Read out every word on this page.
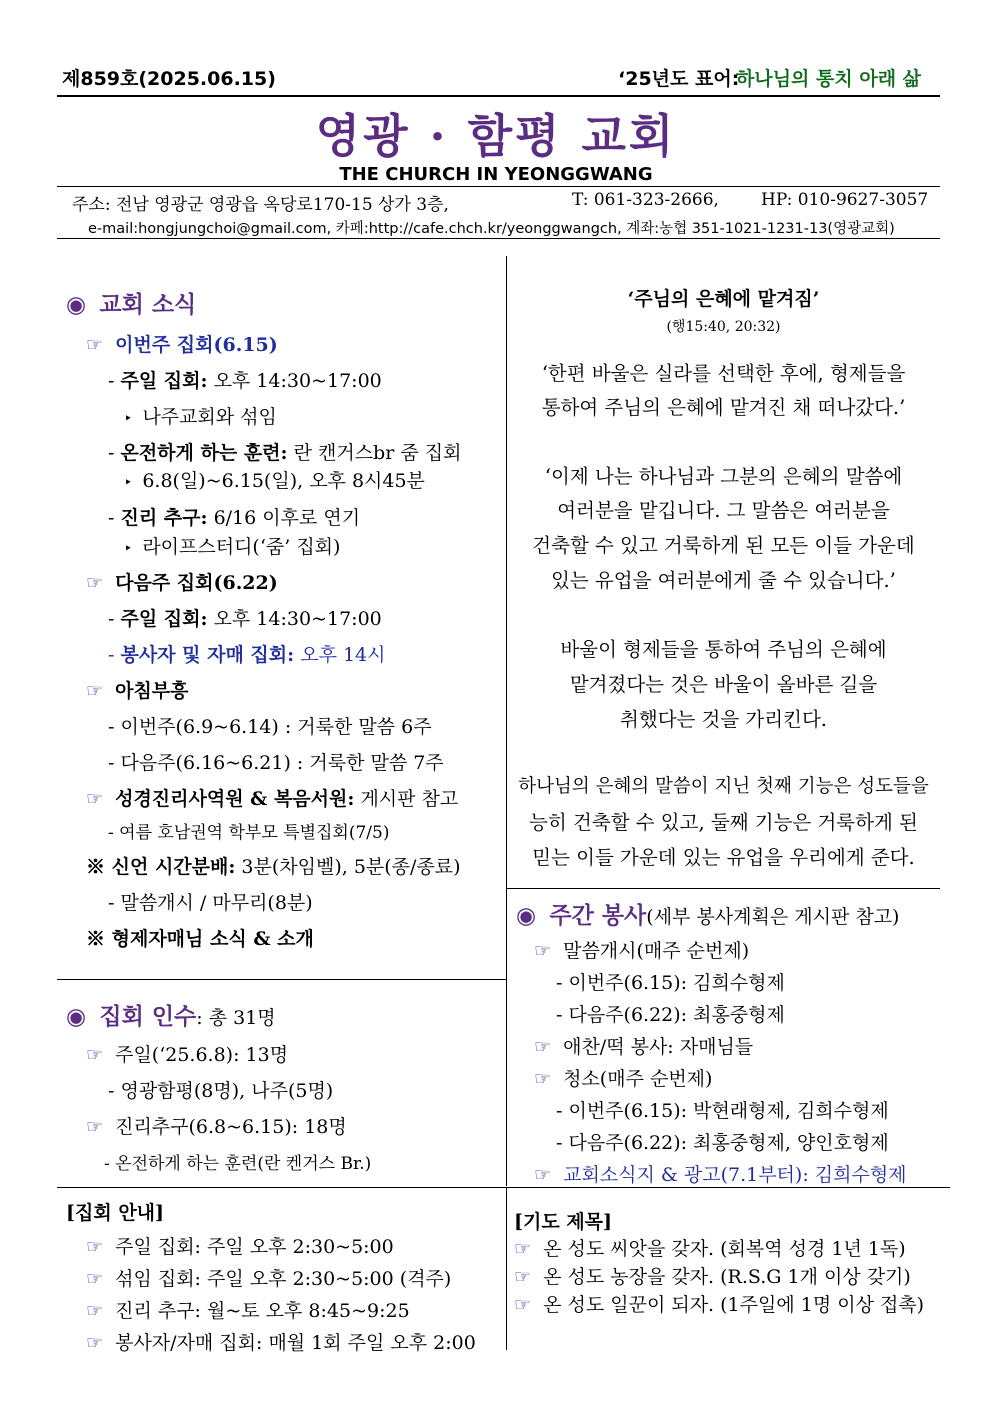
제859호(2025.06.15)	‘25년도 표어:
하나님의 통치 아래 삶
영광 · 함평 교회
THE CHURCH IN YEONGGWANG
주소: 전남 영광군 영광읍 옥당로170-15 상가 3층,	T: 061-323-2666, HP: 010-9627-3057
e-mail:hongjungchoi@gmail.com, 카페:http://cafe.chch.kr/yeonggwangch, 계좌:농협 351-1021-1231-13(영광교회)
◉ 교회 소식
☞ 이번주 집회(6.15)
- 주일 집회: 오후 14:30~17:00
‣ 나주교회와 섞임
- 온전하게 하는 훈련: 란 캔거스br 줌 집회
‣ 6.8(일)~6.15(일), 오후 8시45분
- 진리 추구: 6/16 이후로 연기
‣ 라이프스터디(‘줌’ 집회)
☞ 다음주 집회(6.22)
- 주일 집회: 오후 14:30~17:00
- 봉사자 및 자매 집회: 오후 14시
☞ 아침부흥
- 이번주(6.9~6.14) : 거룩한 말씀 6주
- 다음주(6.16~6.21) : 거룩한 말씀 7주
☞ 성경진리사역원 & 복음서원: 게시판 참고
- 여름 호남권역 학부모 특별집회(7/5)
※ 신언 시간분배: 3분(차임벨), 5분(종/종료)
- 말씀개시 / 마무리(8분)
※ 형제자매님 소식 & 소개
◉ 집회 인수: 총 31명
☞ 주일(‘25.6.8): 13명
- 영광함평(8명), 나주(5명)
☞ 진리추구(6.8~6.15): 18명
- 온전하게 하는 훈련(란 켄거스 Br.)
[집회 안내]
☞ 주일 집회: 주일 오후 2:30~5:00
☞ 섞임 집회: 주일 오후 2:30~5:00 (격주)
☞ 진리 추구: 월~토 오후 8:45~9:25
☞ 봉사자/자매 집회: 매월 1회 주일 오후 2:00
‘주님의 은혜에 맡겨짐’
(행15:40, 20:32)
‘한편 바울은 실라를 선택한 후에, 형제들을
통하여 주님의 은혜에 맡겨진 채 떠나갔다.’
‘이제 나는 하나님과 그분의 은혜의 말씀에
여러분을 맡깁니다. 그 말씀은 여러분을
건축할 수 있고 거룩하게 된 모든 이들 가운데
있는 유업을 여러분에게 줄 수 있습니다.’
바울이 형제들을 통하여 주님의 은혜에
맡겨졌다는 것은 바울이 올바른 길을
취했다는 것을 가리킨다.
하나님의 은혜의 말씀이 지닌 첫째 기능은 성도들을
능히 건축할 수 있고, 둘째 기능은 거룩하게 된
믿는 이들 가운데 있는 유업을 우리에게 준다.
◉ 주간 봉사(세부 봉사계획은 게시판 참고)
☞ 말씀개시(매주 순번제)
- 이번주(6.15): 김희수형제
- 다음주(6.22): 최홍중형제
☞ 애찬/떡 봉사: 자매님들
☞ 청소(매주 순번제)
- 이번주(6.15): 박현래형제, 김희수형제
- 다음주(6.22): 최홍중형제, 양인호형제
☞ 교회소식지 & 광고(7.1부터): 김희수형제
[기도 제목]
☞ 온 성도 씨앗을 갖자. (회복역 성경 1년 1독)
☞ 온 성도 농장을 갖자. (R.S.G 1개 이상 갖기)
☞ 온 성도 일꾼이 되자. (1주일에 1명 이상 접촉)
